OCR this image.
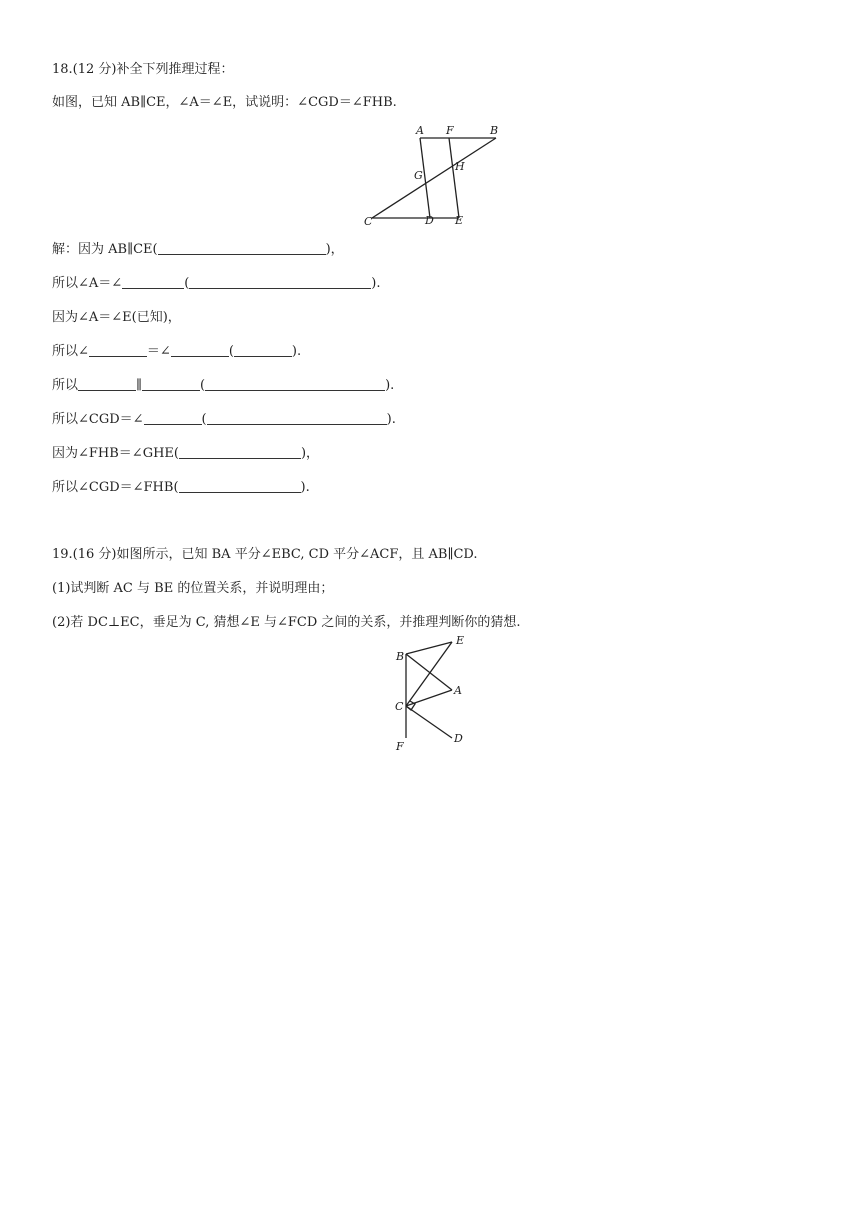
18.(12 分)补全下列推理过程：
如图，已知 AB∥CE，∠A＝∠E，试说明：∠CGD＝∠FHB.
A F	B
G
H
C	D E
解：因为 AB∥CE(	)，
所以∠A＝∠	(	).
因为∠A＝∠E(已知)，
所以∠	＝∠	(	).
所以	∥	(	).
所以∠CGD＝∠	(	).
因为∠FHB＝∠GHE(	)，
所以∠CGD＝∠FHB(	).
19.(16 分)如图所示，已知 BA 平分∠EBC, CD 平分∠ACF，且 AB∥CD.
(1)试判断 AC 与 BE 的位置关系，并说明理由；
(2)若 DC⊥EC，垂足为 C, 猜想∠E 与∠FCD 之间的关系，并推理判断你的猜想.
B
E
A
C
D
F
